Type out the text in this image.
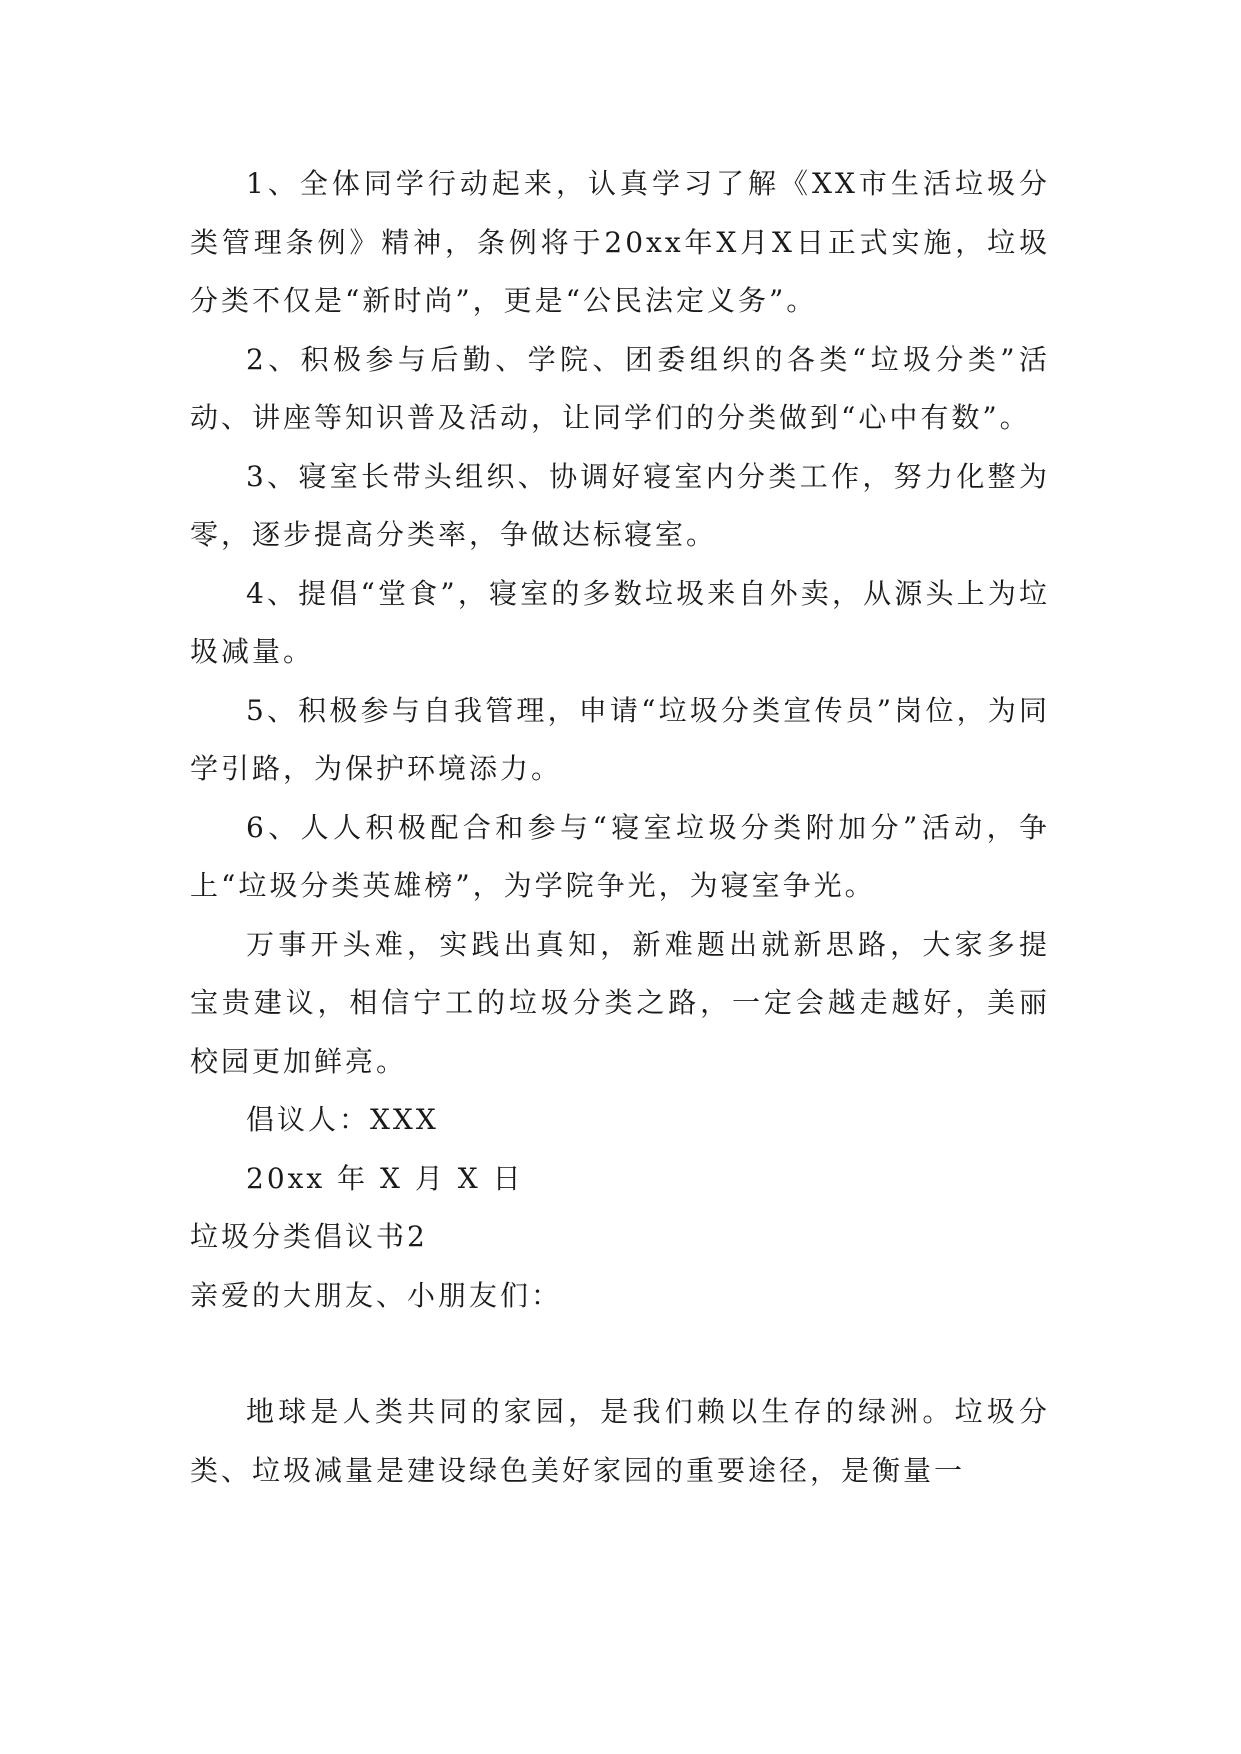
1、全体同学行动起来，认真学习了解《XX市生活垃圾分类管理条例》精神，条例将于20xx年X月X日正式实施，垃圾分类不仅是“新时尚”，更是“公民法定义务”。

2、积极参与后勤、学院、团委组织的各类“垃圾分类”活动、讲座等知识普及活动，让同学们的分类做到“心中有数”。

3、寝室长带头组织、协调好寝室内分类工作，努力化整为零，逐步提高分类率，争做达标寝室。

4、提倡“堂食”，寝室的多数垃圾来自外卖，从源头上为垃圾减量。

5、积极参与自我管理，申请“垃圾分类宣传员”岗位，为同学引路，为保护环境添力。

6、人人积极配合和参与“寝室垃圾分类附加分”活动，争上“垃圾分类英雄榜”，为学院争光，为寝室争光。

万事开头难，实践出真知，新难题出就新思路，大家多提宝贵建议，相信宁工的垃圾分类之路，一定会越走越好，美丽校园更加鲜亮。

倡议人：XXX

20xx 年 X 月 X 日

垃圾分类倡议书2

亲爱的大朋友、小朋友们：

地球是人类共同的家园，是我们赖以生存的绿洲。垃圾分类、垃圾减量是建设绿色美好家园的重要途径，是衡量一
